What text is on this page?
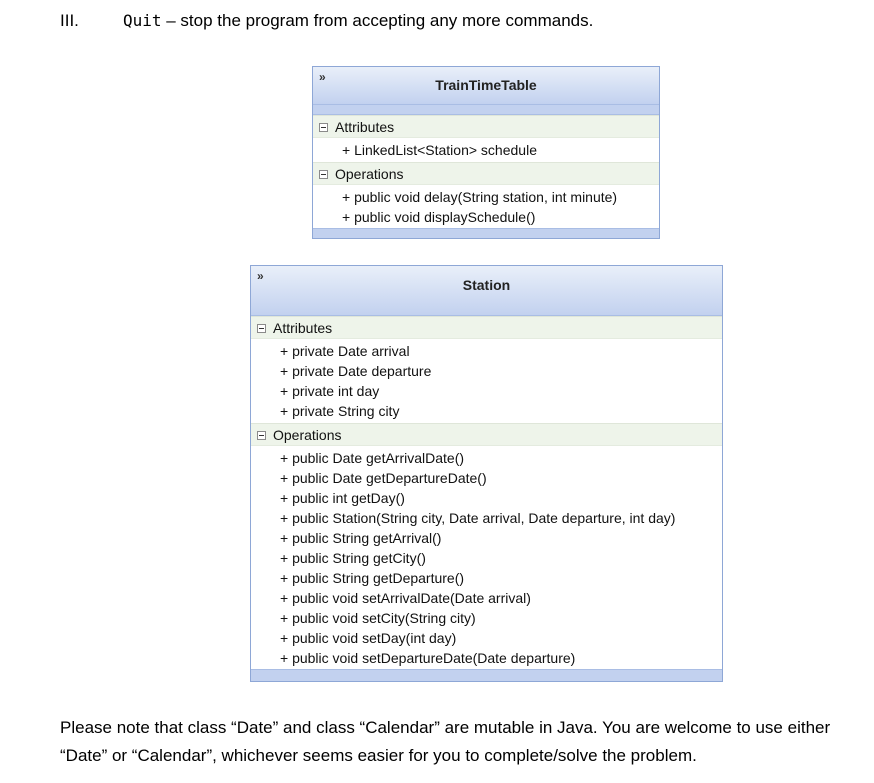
III.	Quit – stop the program from accepting any more commands.
»	TrainTimeTable
Attributes
+ LinkedList<Station> schedule
Operations
+ public void delay(String station, int minute)
+ public void displaySchedule()
»
Station
Attributes
+ private Date arrival
+ private Date departure
+ private int day
+ private String city
Operations
+ public Date getArrivalDate()
+ public Date getDepartureDate()
+ public int getDay()
+ public Station(String city, Date arrival, Date departure, int day)
+ public String getArrival()
+ public String getCity()
+ public String getDeparture()
+ public void setArrivalDate(Date arrival)
+ public void setCity(String city)
+ public void setDay(int day)
+ public void setDepartureDate(Date departure)
Please note that class “Date” and class “Calendar” are mutable in Java. You are welcome to use either “Date” or “Calendar”, whichever seems easier for you to complete/solve the problem.
